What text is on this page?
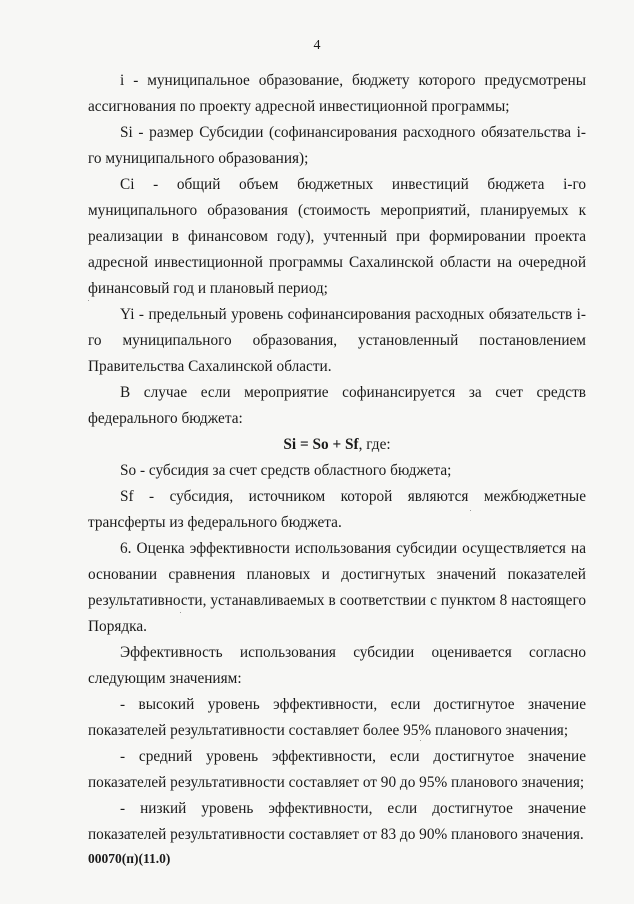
4

i - муниципальное образование, бюджету которого предусмотрены ассигнования по проекту адресной инвестиционной программы;

Si - размер Субсидии (софинансирования расходного обязательства i-го муниципального образования);

Ci - общий объем бюджетных инвестиций бюджета i-го муниципального образования (стоимость мероприятий, планируемых к реализации в финансовом году), учтенный при формировании проекта адресной инвестиционной программы Сахалинской области на очередной финансовый год и плановый период;

Yi - предельный уровень софинансирования расходных обязательств i-го муниципального образования, установленный постановлением Правительства Сахалинской области.

В случае если мероприятие софинансируется за счет средств федерального бюджета:

Si = So + Sf, где:

So - субсидия за счет средств областного бюджета;

Sf - субсидия, источником которой являются межбюджетные трансферты из федерального бюджета.

6. Оценка эффективности использования субсидии осуществляется на основании сравнения плановых и достигнутых значений показателей результативности, устанавливаемых в соответствии с пунктом 8 настоящего Порядка.

Эффективность использования субсидии оценивается согласно следующим значениям:

- высокий уровень эффективности, если достигнутое значение показателей результативности составляет более 95% планового значения;

- средний уровень эффективности, если достигнутое значение показателей результативности составляет от 90 до 95% планового значения;

- низкий уровень эффективности, если достигнутое значение показателей результативности составляет от 83 до 90% планового значения.

00070(п)(11.0)
